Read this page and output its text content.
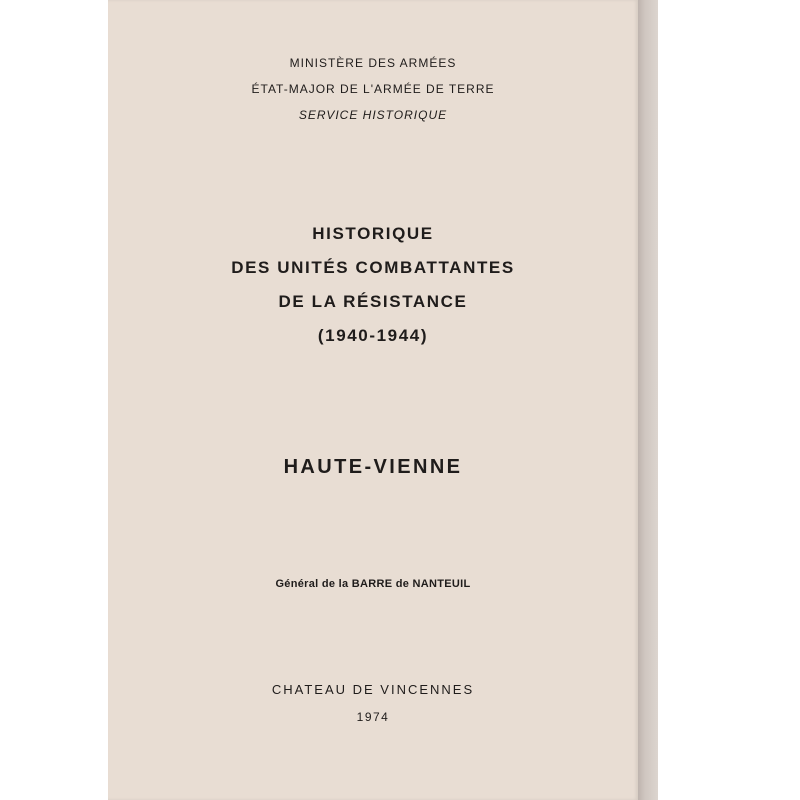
MINISTÈRE DES ARMÉES
ÉTAT-MAJOR DE L'ARMÉE DE TERRE
SERVICE HISTORIQUE
HISTORIQUE
DES UNITÉS COMBATTANTES
DE LA RÉSISTANCE
(1940-1944)
HAUTE-VIENNE
Général de la BARRE de NANTEUIL
CHATEAU DE VINCENNES
1974
